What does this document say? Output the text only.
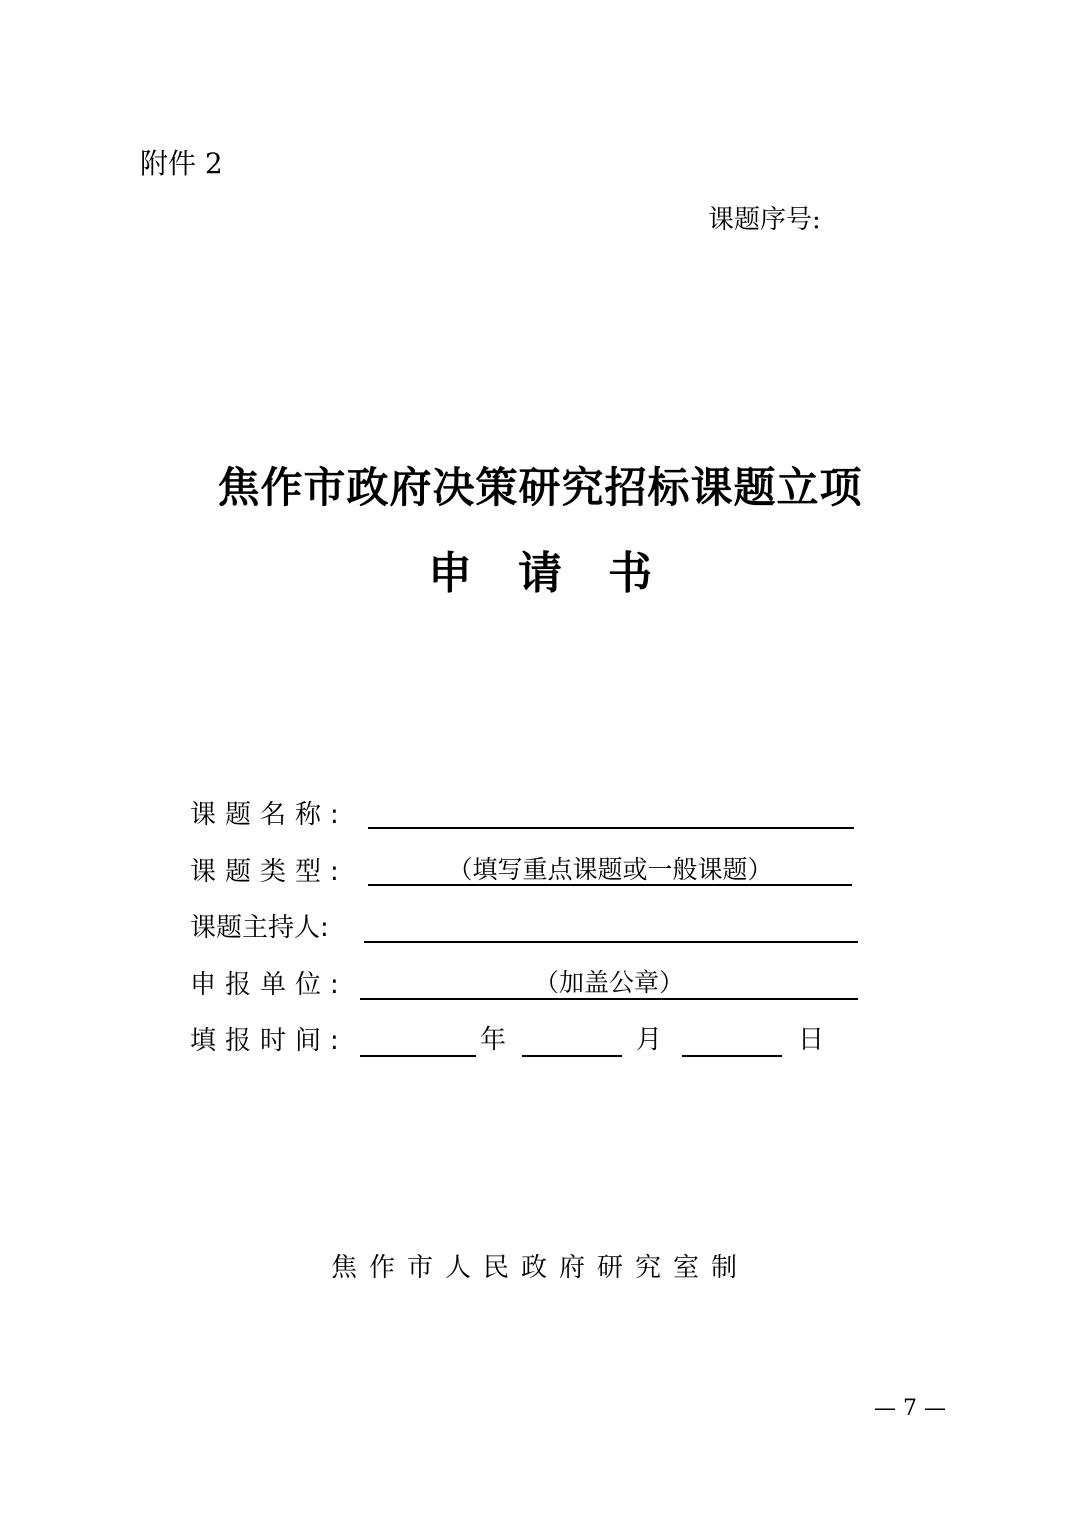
附件 2
课题序号:
焦作市政府决策研究招标课题立项
申请书
课题名称:
课题类型:	（填写重点课题或一般课题）
课题主持人:
申报单位:	（加盖公章）
填报时间:	年	月	日
焦作市人民政府研究室制
— 7 —
